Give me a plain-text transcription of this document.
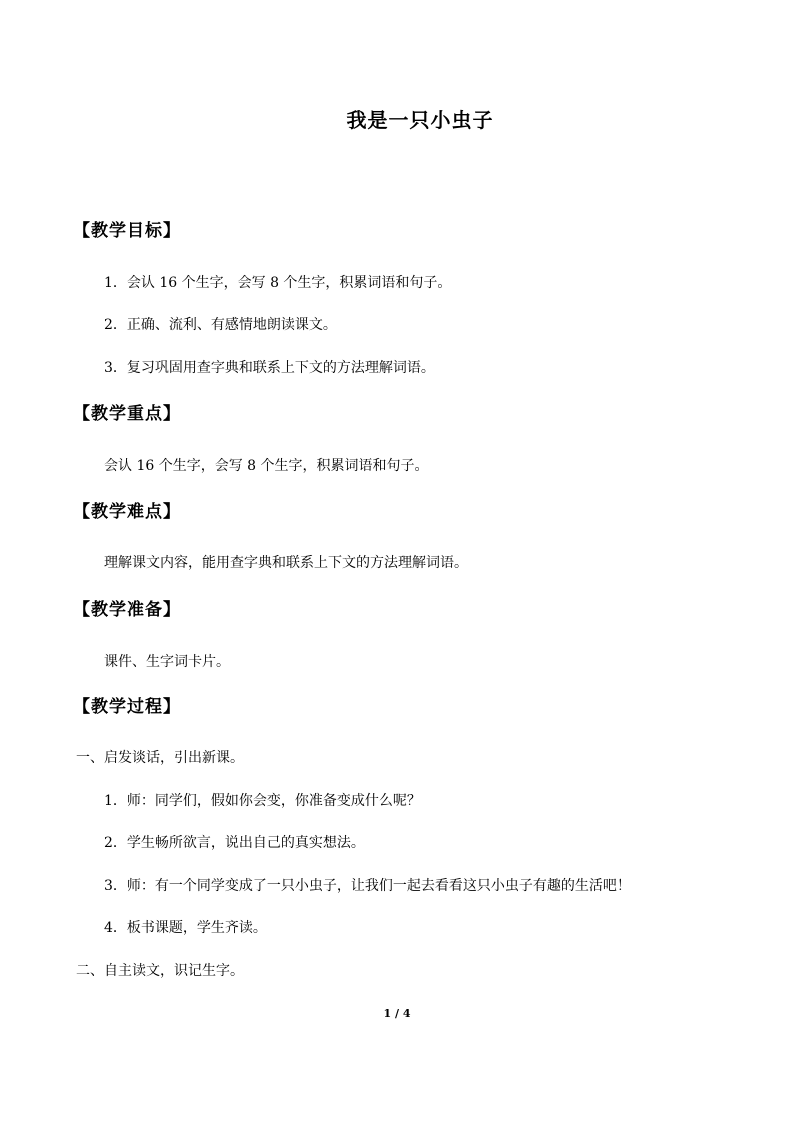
我是一只小虫子
【教学目标】
1．会认 16 个生字，会写 8 个生字，积累词语和句子。
2．正确、流利、有感情地朗读课文。
3．复习巩固用查字典和联系上下文的方法理解词语。
【教学重点】
会认 16 个生字，会写 8 个生字，积累词语和句子。
【教学难点】
理解课文内容，能用查字典和联系上下文的方法理解词语。
【教学准备】
课件、生字词卡片。
【教学过程】
一、启发谈话，引出新课。
1．师：同学们，假如你会变，你准备变成什么呢？
2．学生畅所欲言，说出自己的真实想法。
3．师：有一个同学变成了一只小虫子，让我们一起去看看这只小虫子有趣的生活吧！
4．板书课题，学生齐读。
二、自主读文，识记生字。
1 / 4
